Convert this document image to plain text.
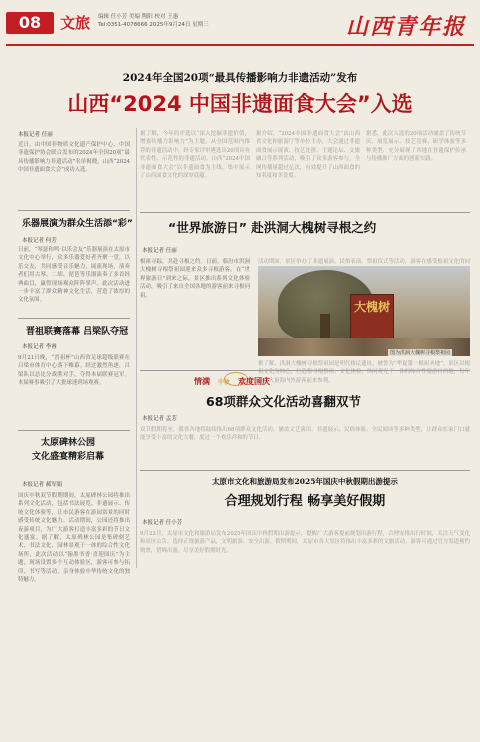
08	文旅 编辑 任小芳 美编 陶阳 校对 王惠
Tel:0351-4078666 2025年9月24日 星期三	山西青年报
2024年全国20项“最具传播影响力非遗活动”发布
山西“2024 中国非遗面食大会”入选
本报记者 任丽
近日，由中国非物质文化遗产保护中心、中国非遗保护协会联合发布的2024年全国20项“最具传播影响力非遗活动”名单揭晓，山西“2024中国非遗面食大会”成功入选。
据了解，今年的评选以“深入挖掘非遗价值，增强传播力影响力”为主题，从全国范围内推荐的非遗活动中，经专家评审遴选出20项具有代表性、示范性的非遗活动。山西“2024中国非遗面食大会”以非遗面食为主线，集中展示了山西面食文化的深厚底蕴。
据介绍，“2024中国非遗面食大会”由山西省文化和旅游厅等单位主办，大会通过非遗面食展示展演、技艺比拼、主题论坛、文旅融合等系列活动，吸引了众多游客参与，全网传播量超过亿次，有效提升了山西面食的知名度和美誉度。
据悉，此次入选的20项活动涵盖了传统节庆、展览展示、技艺竞赛、研学体验等多种类型，充分展现了各地在非遗保护传承与传播推广方面的创新实践。
乐器展演为群众生活添“彩”
本报记者 何芳
日前，“琴瑟和鸣·以乐会友”乐器展演在太原市文化中心举行，众多乐器爱好者齐聚一堂，以乐交友，共同感受音乐魅力。展演现场，演奏者们用古琴、二胡、琵琶等乐器演奏了多首经典曲目，赢得现场观众阵阵掌声。此次活动进一步丰富了群众精神文化生活，营造了浓厚的文化氛围。
晋祖联赛落幕 吕梁队夺冠
本报记者 李睿
9月21日晚，“晋祖杯”山西省足球超级联赛在吕梁市体育中心落下帷幕。经过激烈角逐，吕梁队以总比分战胜对手，夺得本届联赛冠军。本届赛事吸引了大批球迷到场观赛。
太原碑林公园
文化盛宴精彩启幕
本报记者 郝军娟
国庆中秋双节假期期间，太原碑林公园将推出系列文化活动，包括书法展览、非遗展示、传统文化体验等，让市民游客在游园赏景的同时感受传统文化魅力。活动期间，公园还将推出夜游项目，为广大游客打造丰富多彩的节日文化盛宴。据了解，太原碑林公园是集碑刻艺术、书法文化、园林景观于一体的综合性文化场所，此次活动以“翰墨书香·喜迎国庆”为主题，现场设置多个互动体验区，游客可参与拓印、书写等活动，亲身体验中华传统文化的独特魅力。
“世界旅游日” 赴洪洞大槐树寻根之约
本报记者 任丽
根祖寻踪，共赴寻根之约。日前，临汾市洪洞大槐树寻根祭祖园迎来众多寻根游客。在“世界旅游日”到来之际，景区推出系列文化体验活动，吸引了来自全国各地的游客前来寻根问祖。
活动期间，景区举办了非遗展演、民俗表演、祭祖仪式等活动，游客在感受根祖文化的同
大槐树
图为洪洞大槐树寻根祭祖园
据了解，洪洞大槐树寻根祭祖园是明代移民遗址，被誉为“华夏第一根祖圣地”。景区以根祖文化为核心，打造集寻根祭祖、文化体验、休闲观光于一体的综合性旅游目的地，每年吸引大量海内外游客前来参观。
情满 中秋 欢度国庆
68项群众文化活动喜翻双节
本报记者 孟芳
双节假期将至，我省各地将陆续推出68项群众文化活动，涵盖文艺演出、非遗展示、民俗体验、全民阅读等多种类型，让群众在家门口就能享受丰富的文化大餐，度过一个欢乐祥和的节日。
太原市文化和旅游局发布2025年国庆中秋假期出游提示
合理规划行程 畅享美好假期
本报记者 任小芳
9月22日，太原市文化和旅游局发布2025年国庆中秋假期出游提示，提醒广大游客提前规划出游行程，合理安排出行时间，关注天气变化和景区公告，选择正规旅游产品，文明旅游、安全出游。假期期间，太原市各大景区将推出丰富多彩的文旅活动，游客可通过官方渠道预约购票，错峰出游，尽享美好假期时光。
